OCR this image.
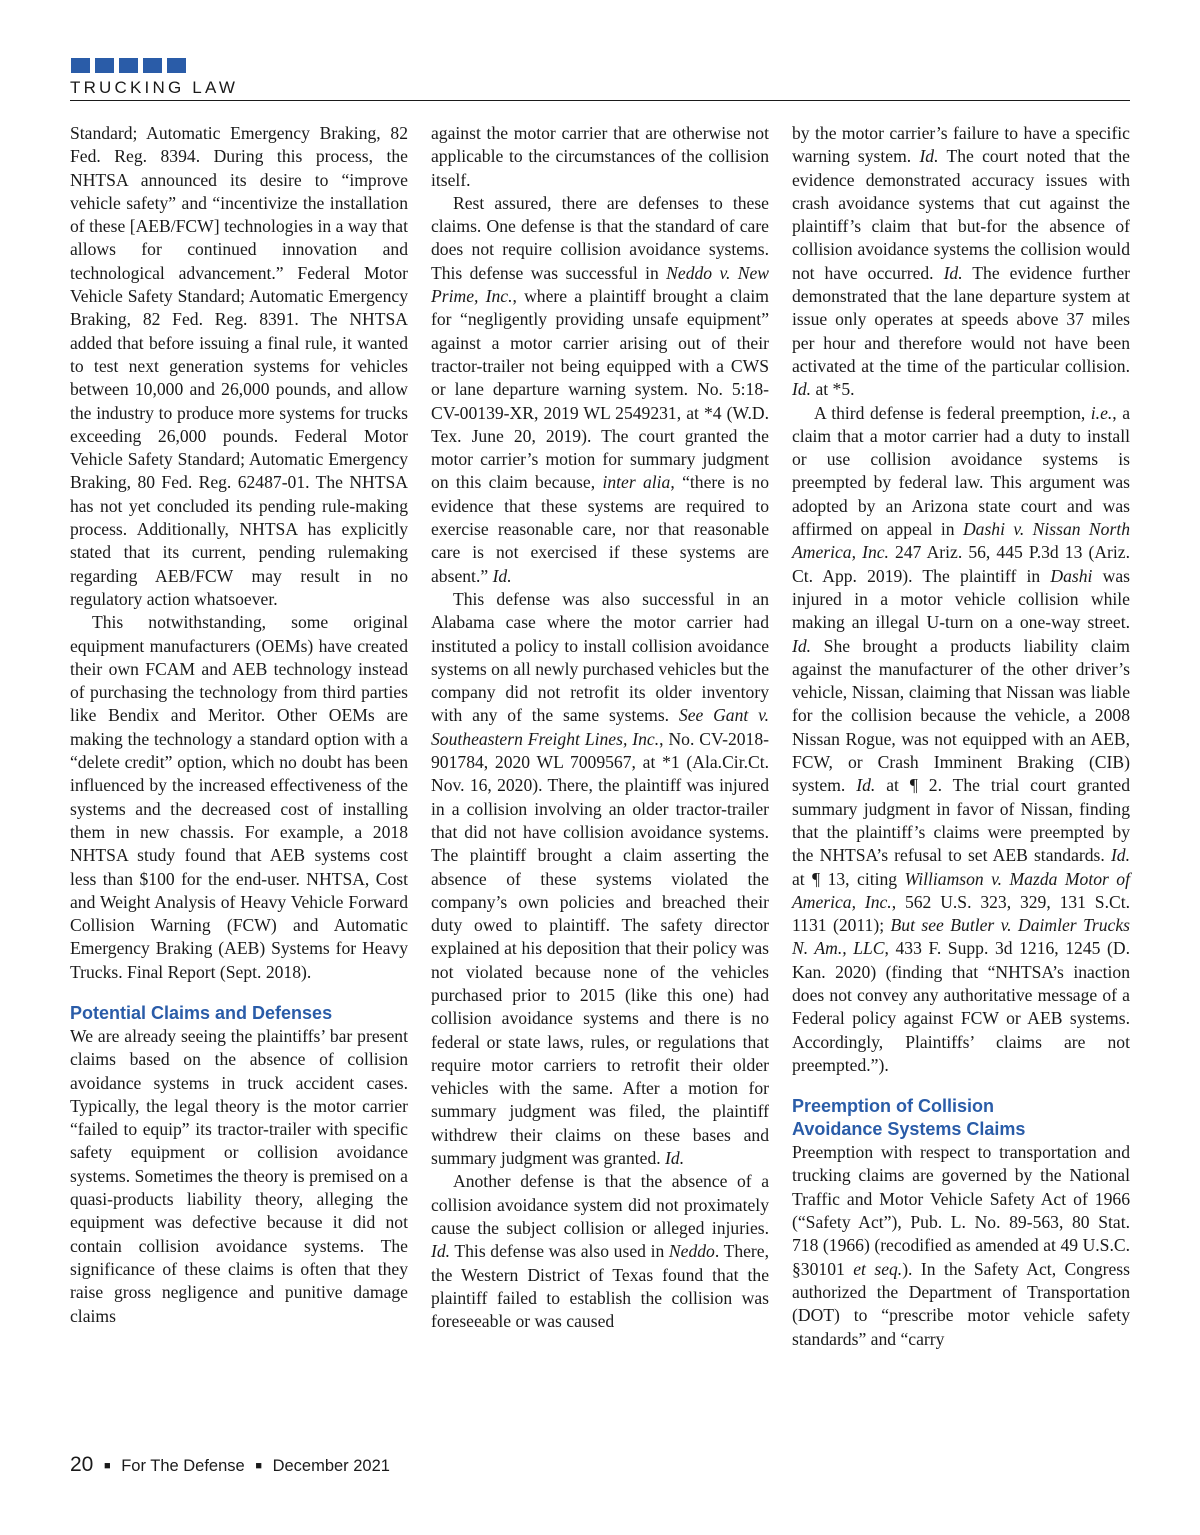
TRUCKING LAW

Standard; Automatic Emergency Braking, 82 Fed. Reg. 8394. During this process, the NHTSA announced its desire to “improve vehicle safety” and “incentivize the installation of these [AEB/FCW] technologies in a way that allows for continued innovation and technological advancement.” Federal Motor Vehicle Safety Standard; Automatic Emergency Braking, 82 Fed. Reg. 8391. The NHTSA added that before issuing a final rule, it wanted to test next generation systems for vehicles between 10,000 and 26,000 pounds, and allow the industry to produce more systems for trucks exceeding 26,000 pounds. Federal Motor Vehicle Safety Standard; Automatic Emergency Braking, 80 Fed. Reg. 62487-01. The NHTSA has not yet concluded its pending rule-making process. Additionally, NHTSA has explicitly stated that its current, pending rulemaking regarding AEB/FCW may result in no regulatory action whatsoever.

This notwithstanding, some original equipment manufacturers (OEMs) have created their own FCAM and AEB technology instead of purchasing the technology from third parties like Bendix and Meritor. Other OEMs are making the technology a standard option with a “delete credit” option, which no doubt has been influenced by the increased effectiveness of the systems and the decreased cost of installing them in new chassis. For example, a 2018 NHTSA study found that AEB systems cost less than $100 for the end-user. NHTSA, Cost and Weight Analysis of Heavy Vehicle Forward Collision Warning (FCW) and Automatic Emergency Braking (AEB) Systems for Heavy Trucks. Final Report (Sept. 2018).

Potential Claims and Defenses

We are already seeing the plaintiffs’ bar present claims based on the absence of collision avoidance systems in truck accident cases. Typically, the legal theory is the motor carrier “failed to equip” its tractor-trailer with specific safety equipment or collision avoidance systems. Sometimes the theory is premised on a quasi-products liability theory, alleging the equipment was defective because it did not contain collision avoidance systems. The significance of these claims is often that they raise gross negligence and punitive damage claims

against the motor carrier that are otherwise not applicable to the circumstances of the collision itself.

Rest assured, there are defenses to these claims. One defense is that the standard of care does not require collision avoidance systems. This defense was successful in Neddo v. New Prime, Inc., where a plaintiff brought a claim for “negligently providing unsafe equipment” against a motor carrier arising out of their tractor-trailer not being equipped with a CWS or lane departure warning system. No. 5:18-CV-00139-XR, 2019 WL 2549231, at *4 (W.D. Tex. June 20, 2019). The court granted the motor carrier’s motion for summary judgment on this claim because, inter alia, “there is no evidence that these systems are required to exercise reasonable care, nor that reasonable care is not exercised if these systems are absent.” Id.

This defense was also successful in an Alabama case where the motor carrier had instituted a policy to install collision avoidance systems on all newly purchased vehicles but the company did not retrofit its older inventory with any of the same systems. See Gant v. Southeastern Freight Lines, Inc., No. CV-2018-901784, 2020 WL 7009567, at *1 (Ala.Cir.Ct. Nov. 16, 2020). There, the plaintiff was injured in a collision involving an older tractor-trailer that did not have collision avoidance systems. The plaintiff brought a claim asserting the absence of these systems violated the company’s own policies and breached their duty owed to plaintiff. The safety director explained at his deposition that their policy was not violated because none of the vehicles purchased prior to 2015 (like this one) had collision avoidance systems and there is no federal or state laws, rules, or regulations that require motor carriers to retrofit their older vehicles with the same. After a motion for summary judgment was filed, the plaintiff withdrew their claims on these bases and summary judgment was granted. Id.

Another defense is that the absence of a collision avoidance system did not proximately cause the subject collision or alleged injuries. Id. This defense was also used in Neddo. There, the Western District of Texas found that the plaintiff failed to establish the collision was foreseeable or was caused

by the motor carrier’s failure to have a specific warning system. Id. The court noted that the evidence demonstrated accuracy issues with crash avoidance systems that cut against the plaintiff’s claim that but-for the absence of collision avoidance systems the collision would not have occurred. Id. The evidence further demonstrated that the lane departure system at issue only operates at speeds above 37 miles per hour and therefore would not have been activated at the time of the particular collision. Id. at *5.

A third defense is federal preemption, i.e., a claim that a motor carrier had a duty to install or use collision avoidance systems is preempted by federal law. This argument was adopted by an Arizona state court and was affirmed on appeal in Dashi v. Nissan North America, Inc. 247 Ariz. 56, 445 P.3d 13 (Ariz. Ct. App. 2019). The plaintiff in Dashi was injured in a motor vehicle collision while making an illegal U-turn on a one-way street. Id. She brought a products liability claim against the manufacturer of the other driver’s vehicle, Nissan, claiming that Nissan was liable for the collision because the vehicle, a 2008 Nissan Rogue, was not equipped with an AEB, FCW, or Crash Imminent Braking (CIB) system. Id. at ¶ 2. The trial court granted summary judgment in favor of Nissan, finding that the plaintiff’s claims were preempted by the NHTSA’s refusal to set AEB standards. Id. at ¶ 13, citing Williamson v. Mazda Motor of America, Inc., 562 U.S. 323, 329, 131 S.Ct. 1131 (2011); But see Butler v. Daimler Trucks N. Am., LLC, 433 F. Supp. 3d 1216, 1245 (D. Kan. 2020) (finding that “NHTSA’s inaction does not convey any authoritative message of a Federal policy against FCW or AEB systems. Accordingly, Plaintiffs’ claims are not preempted.”).

Preemption of Collision
Avoidance Systems Claims

Preemption with respect to transportation and trucking claims are governed by the National Traffic and Motor Vehicle Safety Act of 1966 (“Safety Act”), Pub. L. No. 89-563, 80 Stat. 718 (1966) (recodified as amended at 49 U.S.C. §30101 et seq.). In the Safety Act, Congress authorized the Department of Transportation (DOT) to “prescribe motor vehicle safety standards” and “carry

20 ■ For The Defense ■ December 2021
